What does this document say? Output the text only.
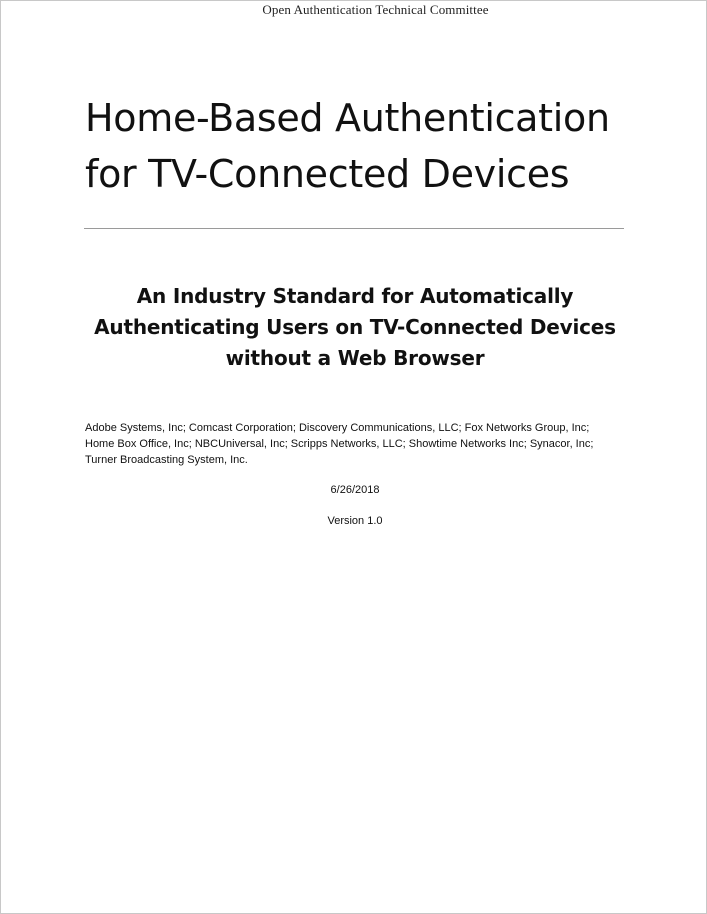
Open Authentication Technical Committee
Home-Based Authentication
for TV-Connected Devices
An Industry Standard for Automatically
Authenticating Users on TV-Connected Devices
without a Web Browser

Adobe Systems, Inc; Comcast Corporation; Discovery Communications, LLC; Fox Networks Group, Inc;
Home Box Office, Inc; NBCUniversal, Inc; Scripps Networks, LLC; Showtime Networks Inc; Synacor, Inc;
Turner Broadcasting System, Inc.

6/26/2018
Version 1.0
